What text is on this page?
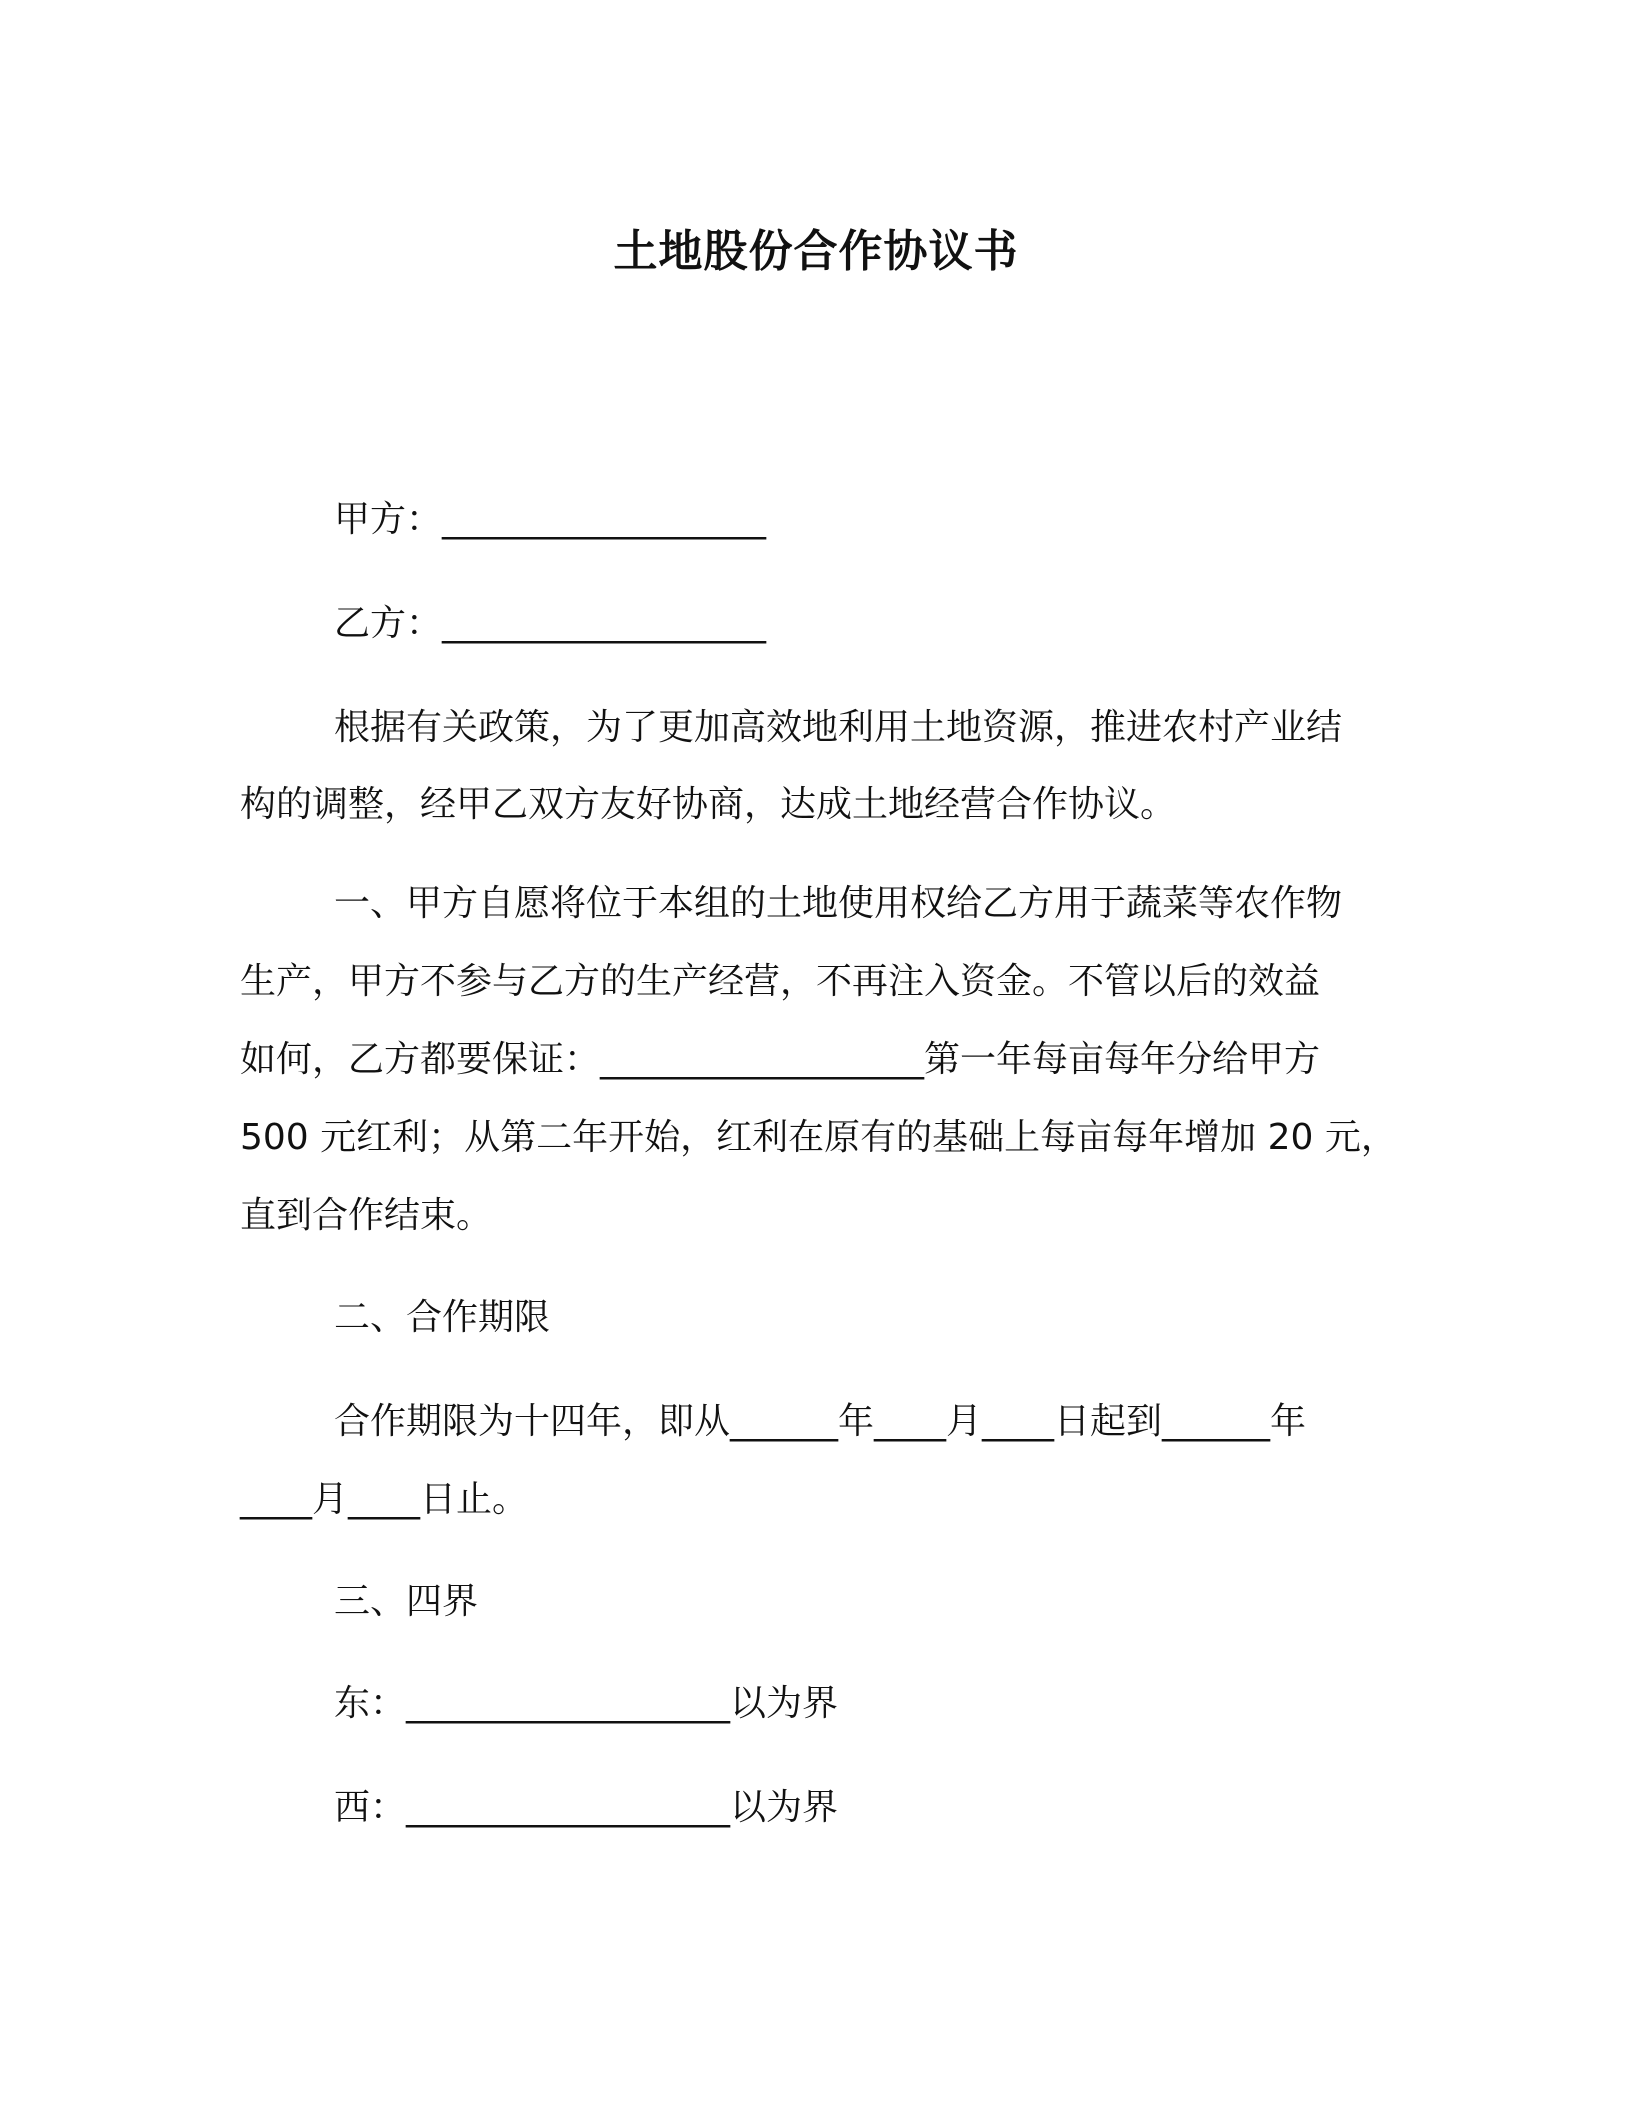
土地股份合作协议书
甲方：__________________
乙方：__________________
根据有关政策，为了更加高效地利用土地资源，推进农村产业结
构的调整，经甲乙双方友好协商，达成土地经营合作协议。
一、甲方自愿将位于本组的土地使用权给乙方用于蔬菜等农作物
生产，甲方不参与乙方的生产经营，不再注入资金。不管以后的效益
如何，乙方都要保证：__________________第一年每亩每年分给甲方
500 元红利；从第二年开始，红利在原有的基础上每亩每年增加 20 元，
直到合作结束。
二、合作期限
合作期限为十四年，即从______年____月____日起到______年
____月____日止。
三、四界
东：__________________以为界
西：__________________以为界
